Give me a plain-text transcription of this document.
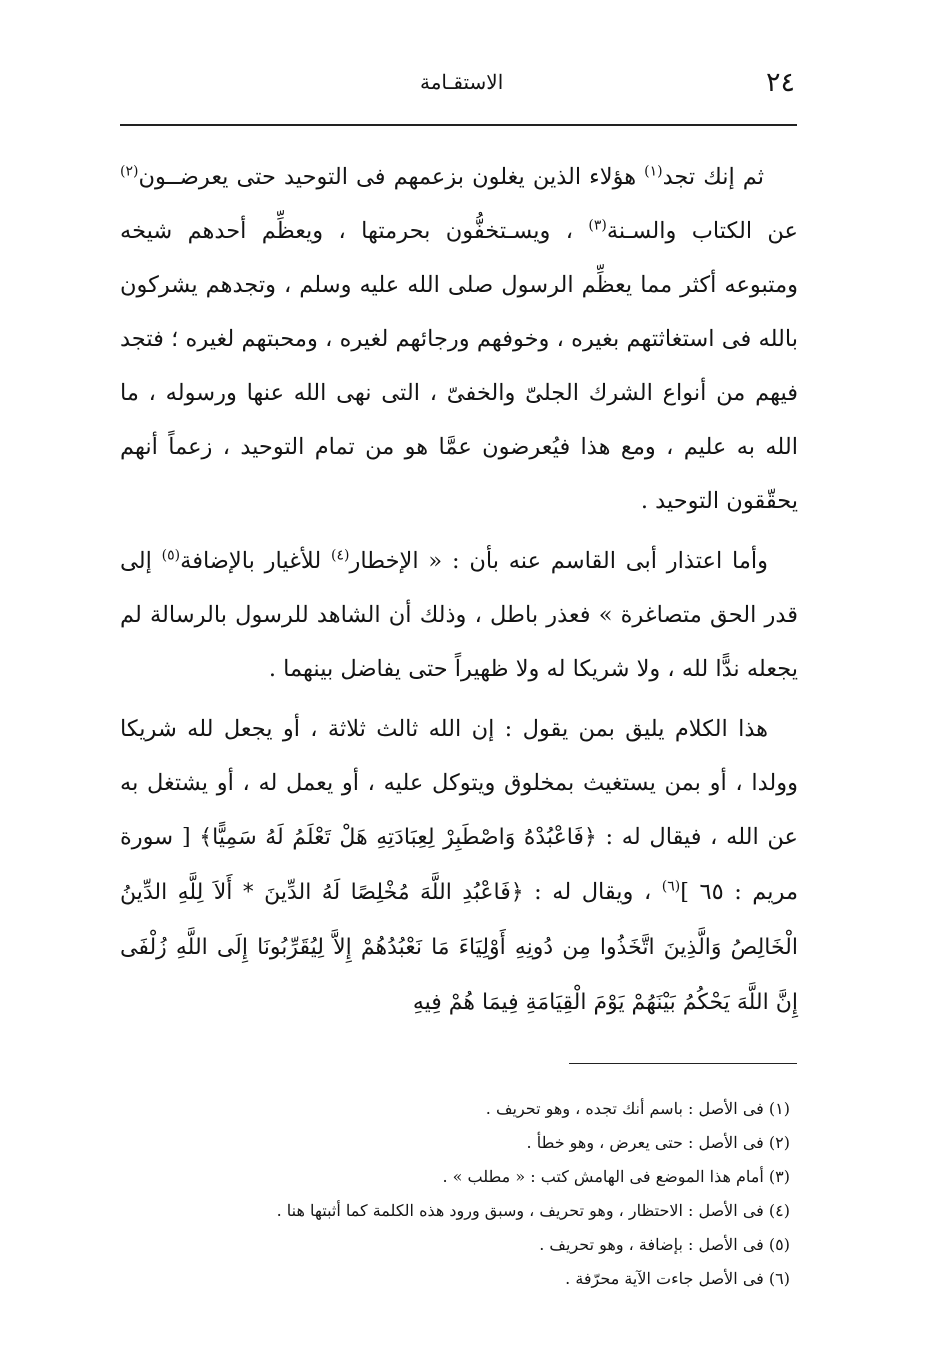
٢٤
الاستقـامة

ثم إنك تجد$^{(١)}$ هؤلاء الذين يغلون بزعمهم فى التوحيد حتى يعرضــون$^{(٢)}$ عن الكتاب والسـنة$^{(٣)}$ ، ويسـتخفُّون بحرمتها ، ويعظِّم أحدهم شيخه ومتبوعه أكثر مما يعظِّم الرسول صلى الله عليه وسلم ، وتجدهم يشركون بالله فى استغاثتهم بغيره ، وخوفهم ورجائهم لغيره ، ومحبتهم لغيره ؛ فتجد فيهم من أنواع الشرك الجلىّ والخفىّ ، التى نهى الله عنها ورسوله ، ما الله به عليم ، ومع هذا فيُعرضون عمَّا هو من تمام التوحيد ، زعماً أنهم يحقّقون التوحيد .

وأما اعتذار أبى القاسم عنه بأن : « الإخطار$^{(٤)}$ للأغيار بالإضافة$^{(٥)}$ إلى قدر الحق متصاغرة » فعذر باطل ، وذلك أن الشاهد للرسول بالرسالة لم يجعله ندًّا لله ، ولا شريكا له ولا ظهيراً حتى يفاضل بينهما .

هذا الكلام يليق بمن يقول : إن الله ثالث ثلاثة ، أو يجعل لله شريكا وولدا ، أو بمن يستغيث بمخلوق ويتوكل عليه ، أو يعمل له ، أو يشتغل به عن الله ، فيقال له : ﴿فَاعْبُدْهُ وَاصْطَبِرْ لِعِبَادَتِهِ هَلْ تَعْلَمُ لَهُ سَمِيًّا﴾ [ سورة مريم : ٦٥ ]$^{(٦)}$ ، ويقال له : ﴿فَاعْبُدِ اللَّهَ مُخْلِصًا لَهُ الدِّينَ * أَلاَ لِلَّهِ الدِّينُ الْخَالِصُ وَالَّذِينَ اتَّخَذُوا مِن دُونِهِ أَوْلِيَاءَ مَا نَعْبُدُهُمْ إِلاَّ لِيُقَرِّبُونَا إِلَى اللَّهِ زُلْفَى إِنَّ اللَّهَ يَحْكُمُ بَيْنَهُمْ يَوْمَ الْقِيَامَةِ فِيمَا هُمْ فِيهِ

(١) فى الأصل : باسم أنك تجده ، وهو تحريف .
(٢) فى الأصل : حتى يعرض ، وهو خطأ .
(٣) أمام هذا الموضع فى الهامش كتب : « مطلب » .
(٤) فى الأصل : الاحتظار ، وهو تحريف ، وسبق ورود هذه الكلمة كما أثبتها هنا .
(٥) فى الأصل : بإضافة ، وهو تحريف .
(٦) فى الأصل جاءت الآية محرّفة .
